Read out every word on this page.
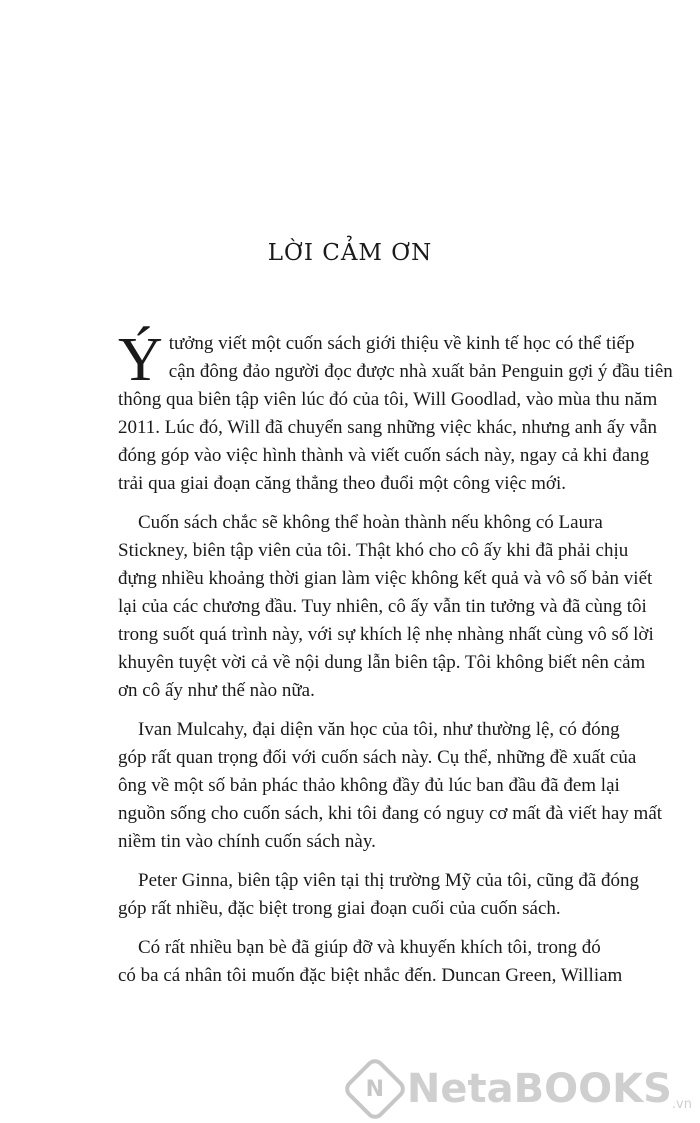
LỜI CẢM ƠN
Ý tưởng viết một cuốn sách giới thiệu về kinh tế học có thể tiếp
cận đông đảo người đọc được nhà xuất bản Penguin gợi ý đầu tiên
thông qua biên tập viên lúc đó của tôi, Will Goodlad, vào mùa thu năm
2011. Lúc đó, Will đã chuyển sang những việc khác, nhưng anh ấy vẫn
đóng góp vào việc hình thành và viết cuốn sách này, ngay cả khi đang
trải qua giai đoạn căng thẳng theo đuổi một công việc mới.
Cuốn sách chắc sẽ không thể hoàn thành nếu không có Laura
Stickney, biên tập viên của tôi. Thật khó cho cô ấy khi đã phải chịu
đựng nhiều khoảng thời gian làm việc không kết quả và vô số bản viết
lại của các chương đầu. Tuy nhiên, cô ấy vẫn tin tưởng và đã cùng tôi
trong suốt quá trình này, với sự khích lệ nhẹ nhàng nhất cùng vô số lời
khuyên tuyệt vời cả về nội dung lẫn biên tập. Tôi không biết nên cảm
ơn cô ấy như thế nào nữa.
Ivan Mulcahy, đại diện văn học của tôi, như thường lệ, có đóng
góp rất quan trọng đối với cuốn sách này. Cụ thể, những đề xuất của
ông về một số bản phác thảo không đầy đủ lúc ban đầu đã đem lại
nguồn sống cho cuốn sách, khi tôi đang có nguy cơ mất đà viết hay mất
niềm tin vào chính cuốn sách này.
Peter Ginna, biên tập viên tại thị trường Mỹ của tôi, cũng đã đóng
góp rất nhiều, đặc biệt trong giai đoạn cuối của cuốn sách.
Có rất nhiều bạn bè đã giúp đỡ và khuyến khích tôi, trong đó
có ba cá nhân tôi muốn đặc biệt nhắc đến. Duncan Green, William
N NetaBOOKS.vn
